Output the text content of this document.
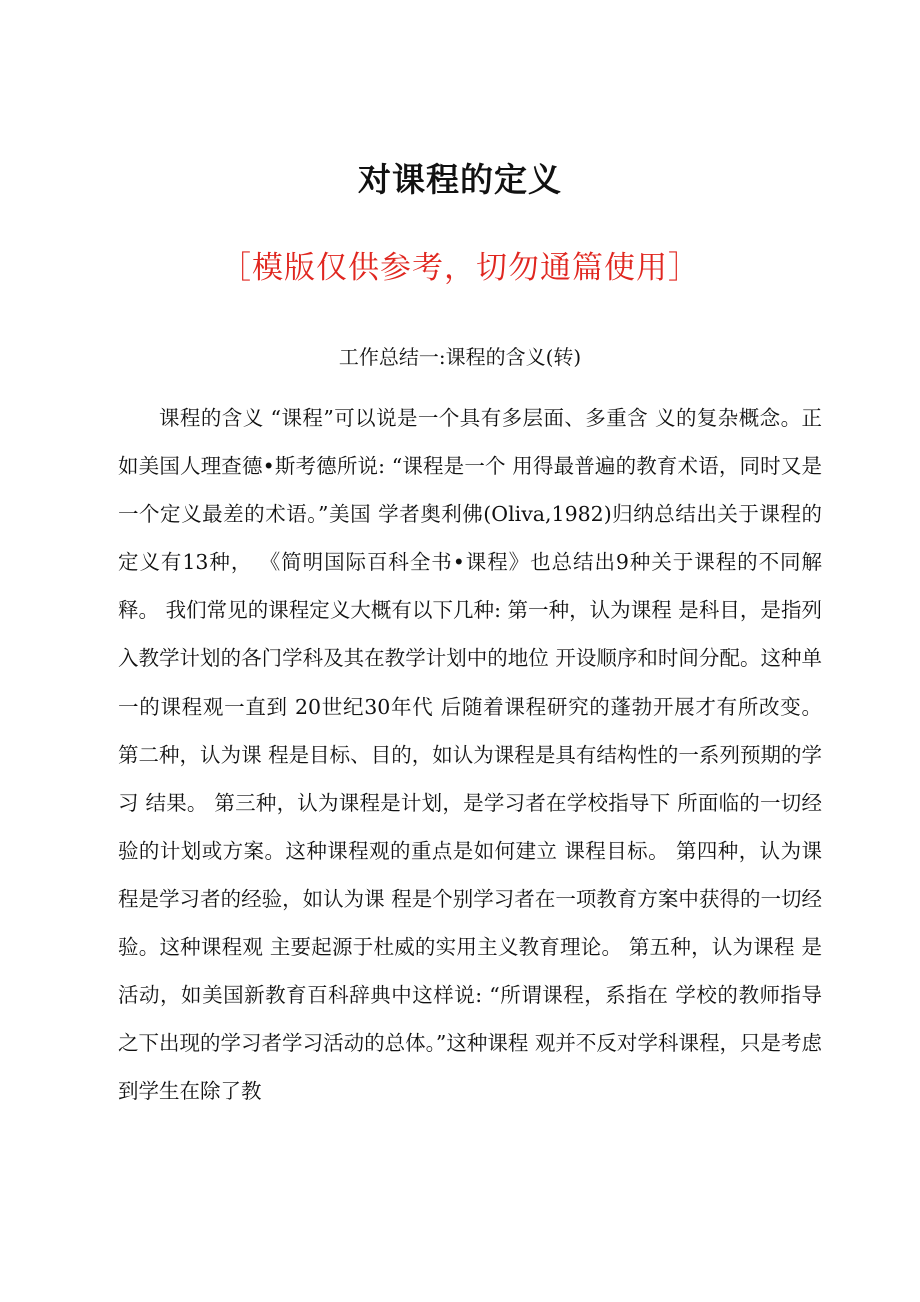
对课程的定义
［模版仅供参考，切勿通篇使用］
工作总结一:课程的含义(转)

课程的含义 “课程”可以说是一个具有多层面、多重含 义的复杂概念。正如美国人理查德•斯考德所说: “课程是一个 用得最普遍的教育术语，同时又是一个定义最差的术语。”美国 学者奥利佛(Oliva,1982)归纳总结出关于课程的定义有13种， 《简明国际百科全书•课程》也总结出9种关于课程的不同解释。 我们常见的课程定义大概有以下几种: 第一种，认为课程 是科目，是指列入教学计划的各门学科及其在教学计划中的地位 开设顺序和时间分配。这种单一的课程观一直到 20世纪30年代 后随着课程研究的蓬勃开展才有所改变。 第二种，认为课 程是目标、目的，如认为课程是具有结构性的一系列预期的学习 结果。 第三种，认为课程是计划，是学习者在学校指导下 所面临的一切经验的计划或方案。这种课程观的重点是如何建立 课程目标。 第四种，认为课程是学习者的经验，如认为课 程是个别学习者在一项教育方案中获得的一切经验。这种课程观 主要起源于杜威的实用主义教育理论。 第五种，认为课程 是活动，如美国新教育百科辞典中这样说: “所谓课程，系指在 学校的教师指导之下出现的学习者学习活动的总体。”这种课程 观并不反对学科课程，只是考虑到学生在除了教
